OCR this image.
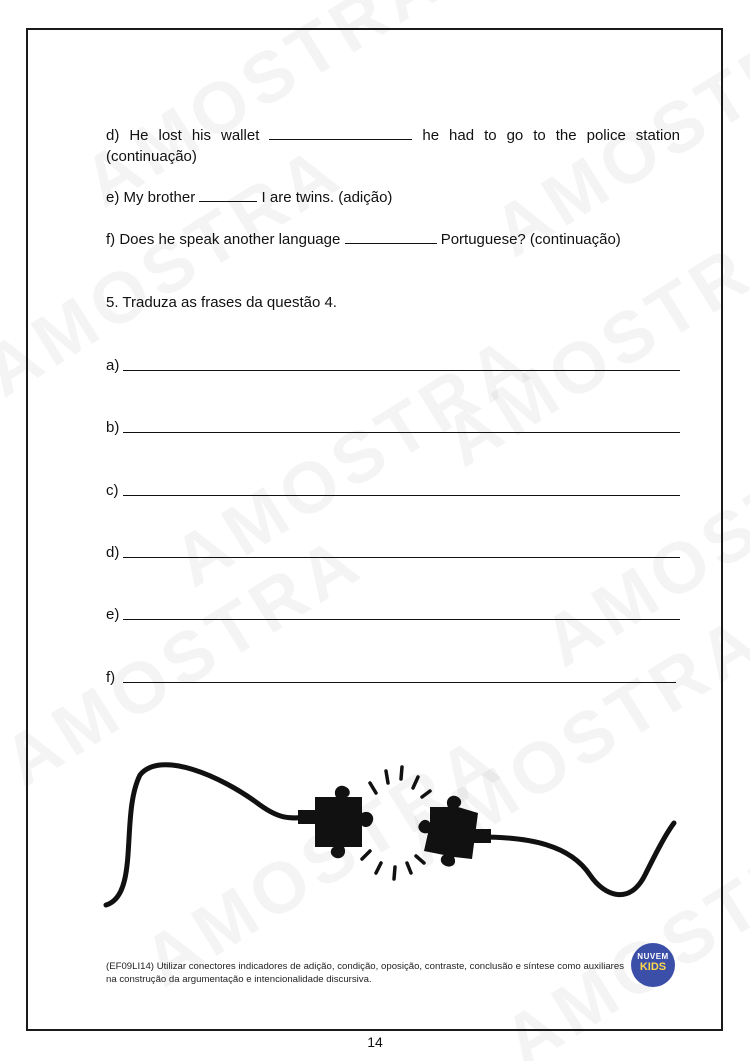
d) He lost his wallet	he had to go to the police station
(continuação)
e) My brother	I are twins. (adição)
f) Does he speak another language	Portuguese? (continuação)
5. Traduza as frases da questão 4.
a)
b)
c)
d)
e)
f)
(EF09LI14) Utilizar conectores indicadores de adição, condição, oposição, contraste, conclusão e síntese como auxiliares na construção da argumentação e intencionalidade discursiva.
NUVEM
KIDS
14
